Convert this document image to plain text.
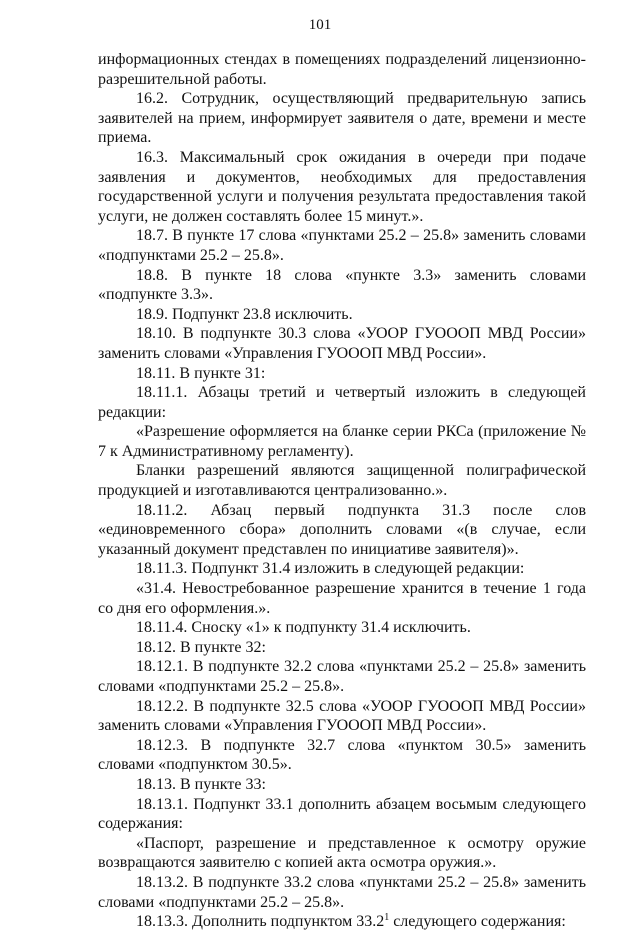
101

информационных стендах в помещениях подразделений лицензионно-разрешительной работы.

16.2. Сотрудник, осуществляющий предварительную запись заявителей на прием, информирует заявителя о дате, времени и месте приема.

16.3. Максимальный срок ожидания в очереди при подаче заявления и документов, необходимых для предоставления государственной услуги и получения результата предоставления такой услуги, не должен составлять более 15 минут.».

18.7. В пункте 17 слова «пунктами 25.2 – 25.8» заменить словами «подпунктами 25.2 – 25.8».

18.8. В пункте 18 слова «пункте 3.3» заменить словами «подпункте 3.3».

18.9. Подпункт 23.8 исключить.

18.10. В подпункте 30.3 слова «УООР ГУОООП МВД России» заменить словами «Управления ГУОООП МВД России».

18.11. В пункте 31:

18.11.1. Абзацы третий и четвертый изложить в следующей редакции:

«Разрешение оформляется на бланке серии РКСа (приложение № 7 к Административному регламенту).

Бланки разрешений являются защищенной полиграфической продукцией и изготавливаются централизованно.».

18.11.2. Абзац первый подпункта 31.3 после слов «единовременного сбора» дополнить словами «(в случае, если указанный документ представлен по инициативе заявителя)».

18.11.3. Подпункт 31.4 изложить в следующей редакции:

«31.4. Невостребованное разрешение хранится в течение 1 года со дня его оформления.».

18.11.4. Сноску «1» к подпункту 31.4 исключить.

18.12. В пункте 32:

18.12.1. В подпункте 32.2 слова «пунктами 25.2 – 25.8» заменить словами «подпунктами 25.2 – 25.8».

18.12.2. В подпункте 32.5 слова «УООР ГУОООП МВД России» заменить словами «Управления ГУОООП МВД России».

18.12.3. В подпункте 32.7 слова «пунктом 30.5» заменить словами «подпунктом 30.5».

18.13. В пункте 33:

18.13.1. Подпункт 33.1 дополнить абзацем восьмым следующего содержания:

«Паспорт, разрешение и представленное к осмотру оружие возвращаются заявителю с копией акта осмотра оружия.».

18.13.2. В подпункте 33.2 слова «пунктами 25.2 – 25.8» заменить словами «подпунктами 25.2 – 25.8».

18.13.3. Дополнить подпунктом 33.2$^1$ следующего содержания:
